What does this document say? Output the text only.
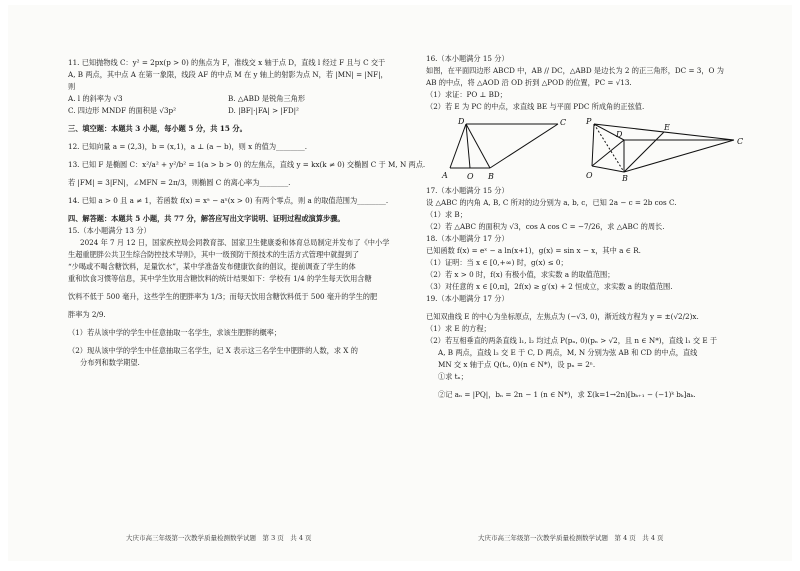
11. 已知抛物线 C：y² = 2px(p > 0) 的焦点为 F，准线交 x 轴于点 D，直线 l 经过 F 且与 C 交于
A, B 两点，其中点 A 在第一象限，线段 AF 的中点 M 在 y 轴上的射影为点 N，若 |MN| = |NF|，
则
A. l 的斜率为 √3	B. △ABD 是锐角三角形
C. 四边形 MNDF 的面积是 √3p²	D. |BF|·|FA| > |FD|²
三、填空题：本题共 3 小题，每小题 5 分，共 15 分。
12. 已知向量 a = (2,3)，b = (x,1)，a ⊥ (a − b)，则 x 的值为________.
13. 已知 F 是椭圆 C：x²/a² + y²/b² = 1(a > b > 0) 的左焦点，直线 y = kx(k ≠ 0) 交椭圆 C 于 M, N 两点.
若 |FM| = 3|FN|，∠MFN = 2π/3，则椭圆 C 的离心率为________.
14. 已知 a > 0 且 a ≠ 1，若函数 f(x) = xᵃ − aˣ(x > 0) 有两个零点，则 a 的取值范围为________.
四、解答题：本题共 5 小题，共 77 分，解答应写出文字说明、证明过程或演算步骤。
15.（本小题满分 13 分）
2024 年 7 月 12 日，国家疾控局会同教育部、国家卫生健康委和体育总局制定并发布了《中小学
生超重肥胖公共卫生综合防控技术导则》，其中一级预防干预技术的生活方式管理中就提到了
“少喝或不喝含糖饮料，足量饮水”，某中学准备发布健康饮食的倡议，提前调查了学生的体
重和饮食习惯等信息，其中学生饮用含糖饮料的统计结果如下：学校有 1/4 的学生每天饮用含糖
饮料不低于 500 毫升，这些学生的肥胖率为 1/3；而每天饮用含糖饮料低于 500 毫升的学生的肥
胖率为 2/9.
（1）若从该中学的学生中任意抽取一名学生，求该生肥胖的概率；
（2）现从该中学的学生中任意抽取三名学生，记 X 表示这三名学生中肥胖的人数，求 X 的
分布列和数学期望.
大庆市高三年级第一次教学质量检测数学试题　第 3 页　共 4 页
16.（本小题满分 15 分）
如图，在平面四边形 ABCD 中，AB // DC，△ABD 是边长为 2 的正三角形，DC = 3，O 为
AB 的中点，将 △AOD 沿 OD 折到 △POD 的位置，PC = √13.
（1）求证：PO ⊥ BD；
（2）若 E 为 PC 的中点，求直线 BE 与平面 PDC 所成角的正弦值.
D	C
A O B
P
D
E
C
O	B
17.（本小题满分 15 分）
设 △ABC 的内角 A, B, C 所对的边分别为 a, b, c，已知 2a − c = 2b cos C.
（1）求 B；
（2）若 △ABC 的面积为 √3，cos A cos C = −7/26，求 △ABC 的周长.
18.（本小题满分 17 分）
已知函数 f(x) = eˣ − a ln(x+1)，g(x) = sin x − x，其中 a ∈ R.
（1）证明：当 x ∈ [0,+∞) 时，g(x) ≤ 0；
（2）若 x > 0 时，f(x) 有极小值，求实数 a 的取值范围；
（3）对任意的 x ∈ [0,π]，2f(x) ≥ g′(x) + 2 恒成立，求实数 a 的取值范围.
19.（本小题满分 17 分）
已知双曲线 E 的中心为坐标原点，左焦点为 (−√3, 0)，渐近线方程为 y = ±(√2/2)x.
（1）求 E 的方程；
（2）若互相垂直的两条直线 l₁, l₂ 均过点 P(pₙ, 0)(pₙ > √2，且 n ∈ N*)，直线 l₁ 交 E 于
A, B 两点，直线 l₂ 交 E 于 C, D 两点，M, N 分别为弦 AB 和 CD 的中点，直线
MN 交 x 轴于点 Q(tₙ, 0)(n ∈ N*)，设 pₙ = 2ⁿ.
①求 tₙ；
②记 aₙ = |PQ|，bₙ = 2n − 1 (n ∈ N*)，求 Σ(k=1→2n)[bₖ₊₁ − (−1)ᵏ bₖ]aₖ.
大庆市高三年级第一次教学质量检测数学试题　第 4 页　共 4 页
